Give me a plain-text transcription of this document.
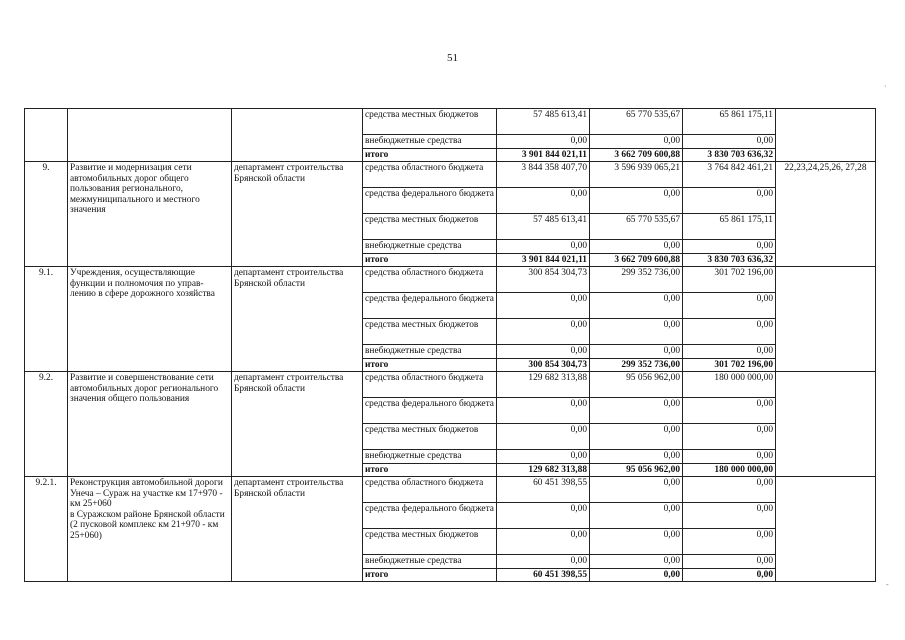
51
			средства местных бюджетов	57 485 613,41	65 770 535,67	65 861 175,11	
			внебюджетные средства	0,00	0,00	0,00	
			итого	3 901 844 021,11	3 662 709 600,88	3 830 703 636,32	
9.	Развитие и модернизация сети автомобильных дорог общего пользования регионального, межмуниципального и местного значения	департамент строительства Брянской области	средства областного бюджета	3 844 358 407,70	3 596 939 065,21	3 764 842 461,21	22,23,24,25,26, 27,28
			средства федерального бюджета	0,00	0,00	0,00	
			средства местных бюджетов	57 485 613,41	65 770 535,67	65 861 175,11	
			внебюджетные средства	0,00	0,00	0,00	
			итого	3 901 844 021,11	3 662 709 600,88	3 830 703 636,32	
9.1.	Учреждения, осуществляющие функции и полномочия по управ-лению в сфере дорожного хозяйства	департамент строительства Брянской области	средства областного бюджета	300 854 304,73	299 352 736,00	301 702 196,00	
			средства федерального бюджета	0,00	0,00	0,00	
			средства местных бюджетов	0,00	0,00	0,00	
			внебюджетные средства	0,00	0,00	0,00	
			итого	300 854 304,73	299 352 736,00	301 702 196,00	
9.2.	Развитие и совершенствование сети автомобильных дорог регионального значения общего пользования	департамент строительства Брянской области	средства областного бюджета	129 682 313,88	95 056 962,00	180 000 000,00	
			средства федерального бюджета	0,00	0,00	0,00	
			средства местных бюджетов	0,00	0,00	0,00	
			внебюджетные средства	0,00	0,00	0,00	
			итого	129 682 313,88	95 056 962,00	180 000 000,00	
9.2.1.	Реконструкция автомобильной дороги Унеча – Сураж на участке км 17+970 - км 25+060
в Суражском районе Брянской области (2 пусковой комплекс км 21+970 - км 25+060)	департамент строительства Брянской области	средства областного бюджета	60 451 398,55	0,00	0,00	
			средства федерального бюджета	0,00	0,00	0,00	
			средства местных бюджетов	0,00	0,00	0,00	
			внебюджетные средства	0,00	0,00	0,00	
			итого	60 451 398,55	0,00	0,00	
·
-
